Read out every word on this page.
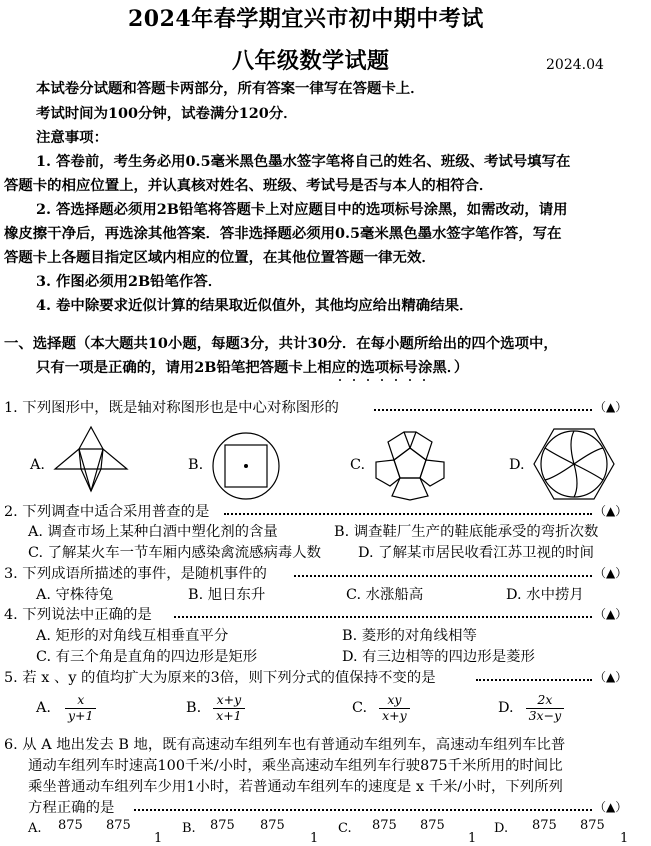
2024年春学期宜兴市初中期中考试
八年级数学试题	2024.04
本试卷分试题和答题卡两部分，所有答案一律写在答题卡上．
考试时间为100分钟，试卷满分120分．
注意事项：
1. 答卷前，考生务必用0.5毫米黑色墨水签字笔将自己的姓名、班级、考试号填写在
答题卡的相应位置上，并认真核对姓名、班级、考试号是否与本人的相符合．
2. 答选择题必须用2B铅笔将答题卡上对应题目中的选项标号涂黑，如需改动，请用
橡皮擦干净后，再选涂其他答案．答非选择题必须用0.5毫米黑色墨水签字笔作答，写在
答题卡上各题目指定区域内相应的位置，在其他位置答题一律无效．
3. 作图必须用2B铅笔作答．
4. 卷中除要求近似计算的结果取近似值外，其他均应给出精确结果．
一、选择题（本大题共10小题，每题3分，共计30分．在每小题所给出的四个选项中，
只有一项是正确的，请用2B铅笔把答题卡上相应的选项标号涂黑．）
1. 下列图形中，既是轴对称图形也是中心对称图形的	（▲）
A.	B.	C.	D.
2. 下列调查中适合采用普查的是	（▲）
A. 调查市场上某种白酒中塑化剂的含量	B. 调查鞋厂生产的鞋底能承受的弯折次数
C. 了解某火车一节车厢内感染禽流感病毒人数	D. 了解某市居民收看江苏卫视的时间
3. 下列成语所描述的事件，是随机事件的	（▲）
A. 守株待兔	B. 旭日东升	C. 水涨船高	D. 水中捞月
4. 下列说法中正确的是	（▲）
A. 矩形的对角线互相垂直平分	B. 菱形的对角线相等
C. 有三个角是直角的四边形是矩形	D. 有三边相等的四边形是菱形
5. 若 x 、y 的值均扩大为原来的3倍，则下列分式的值保持不变的是	（▲）
A. $\frac{x}{y+1}$	B. $\frac{x+y}{x+1}$	C. $\frac{xy}{x+y}$	D. $\frac{2x}{3x-y}$
6. 从 A 地出发去 B 地，既有高速动车组列车也有普通动车组列车，高速动车组列车比普
通动车组列车时速高100千米/小时，乘坐高速动车组列车行驶875千米所用的时间比
乘坐普通动车组列车少用1小时，若普通动车组列车的速度是 x 千米/小时，下列所列
方程正确的是	（▲）
A. 875 875
1
B. 875 875
1
C. 875 875
1
D. 875 875
1
